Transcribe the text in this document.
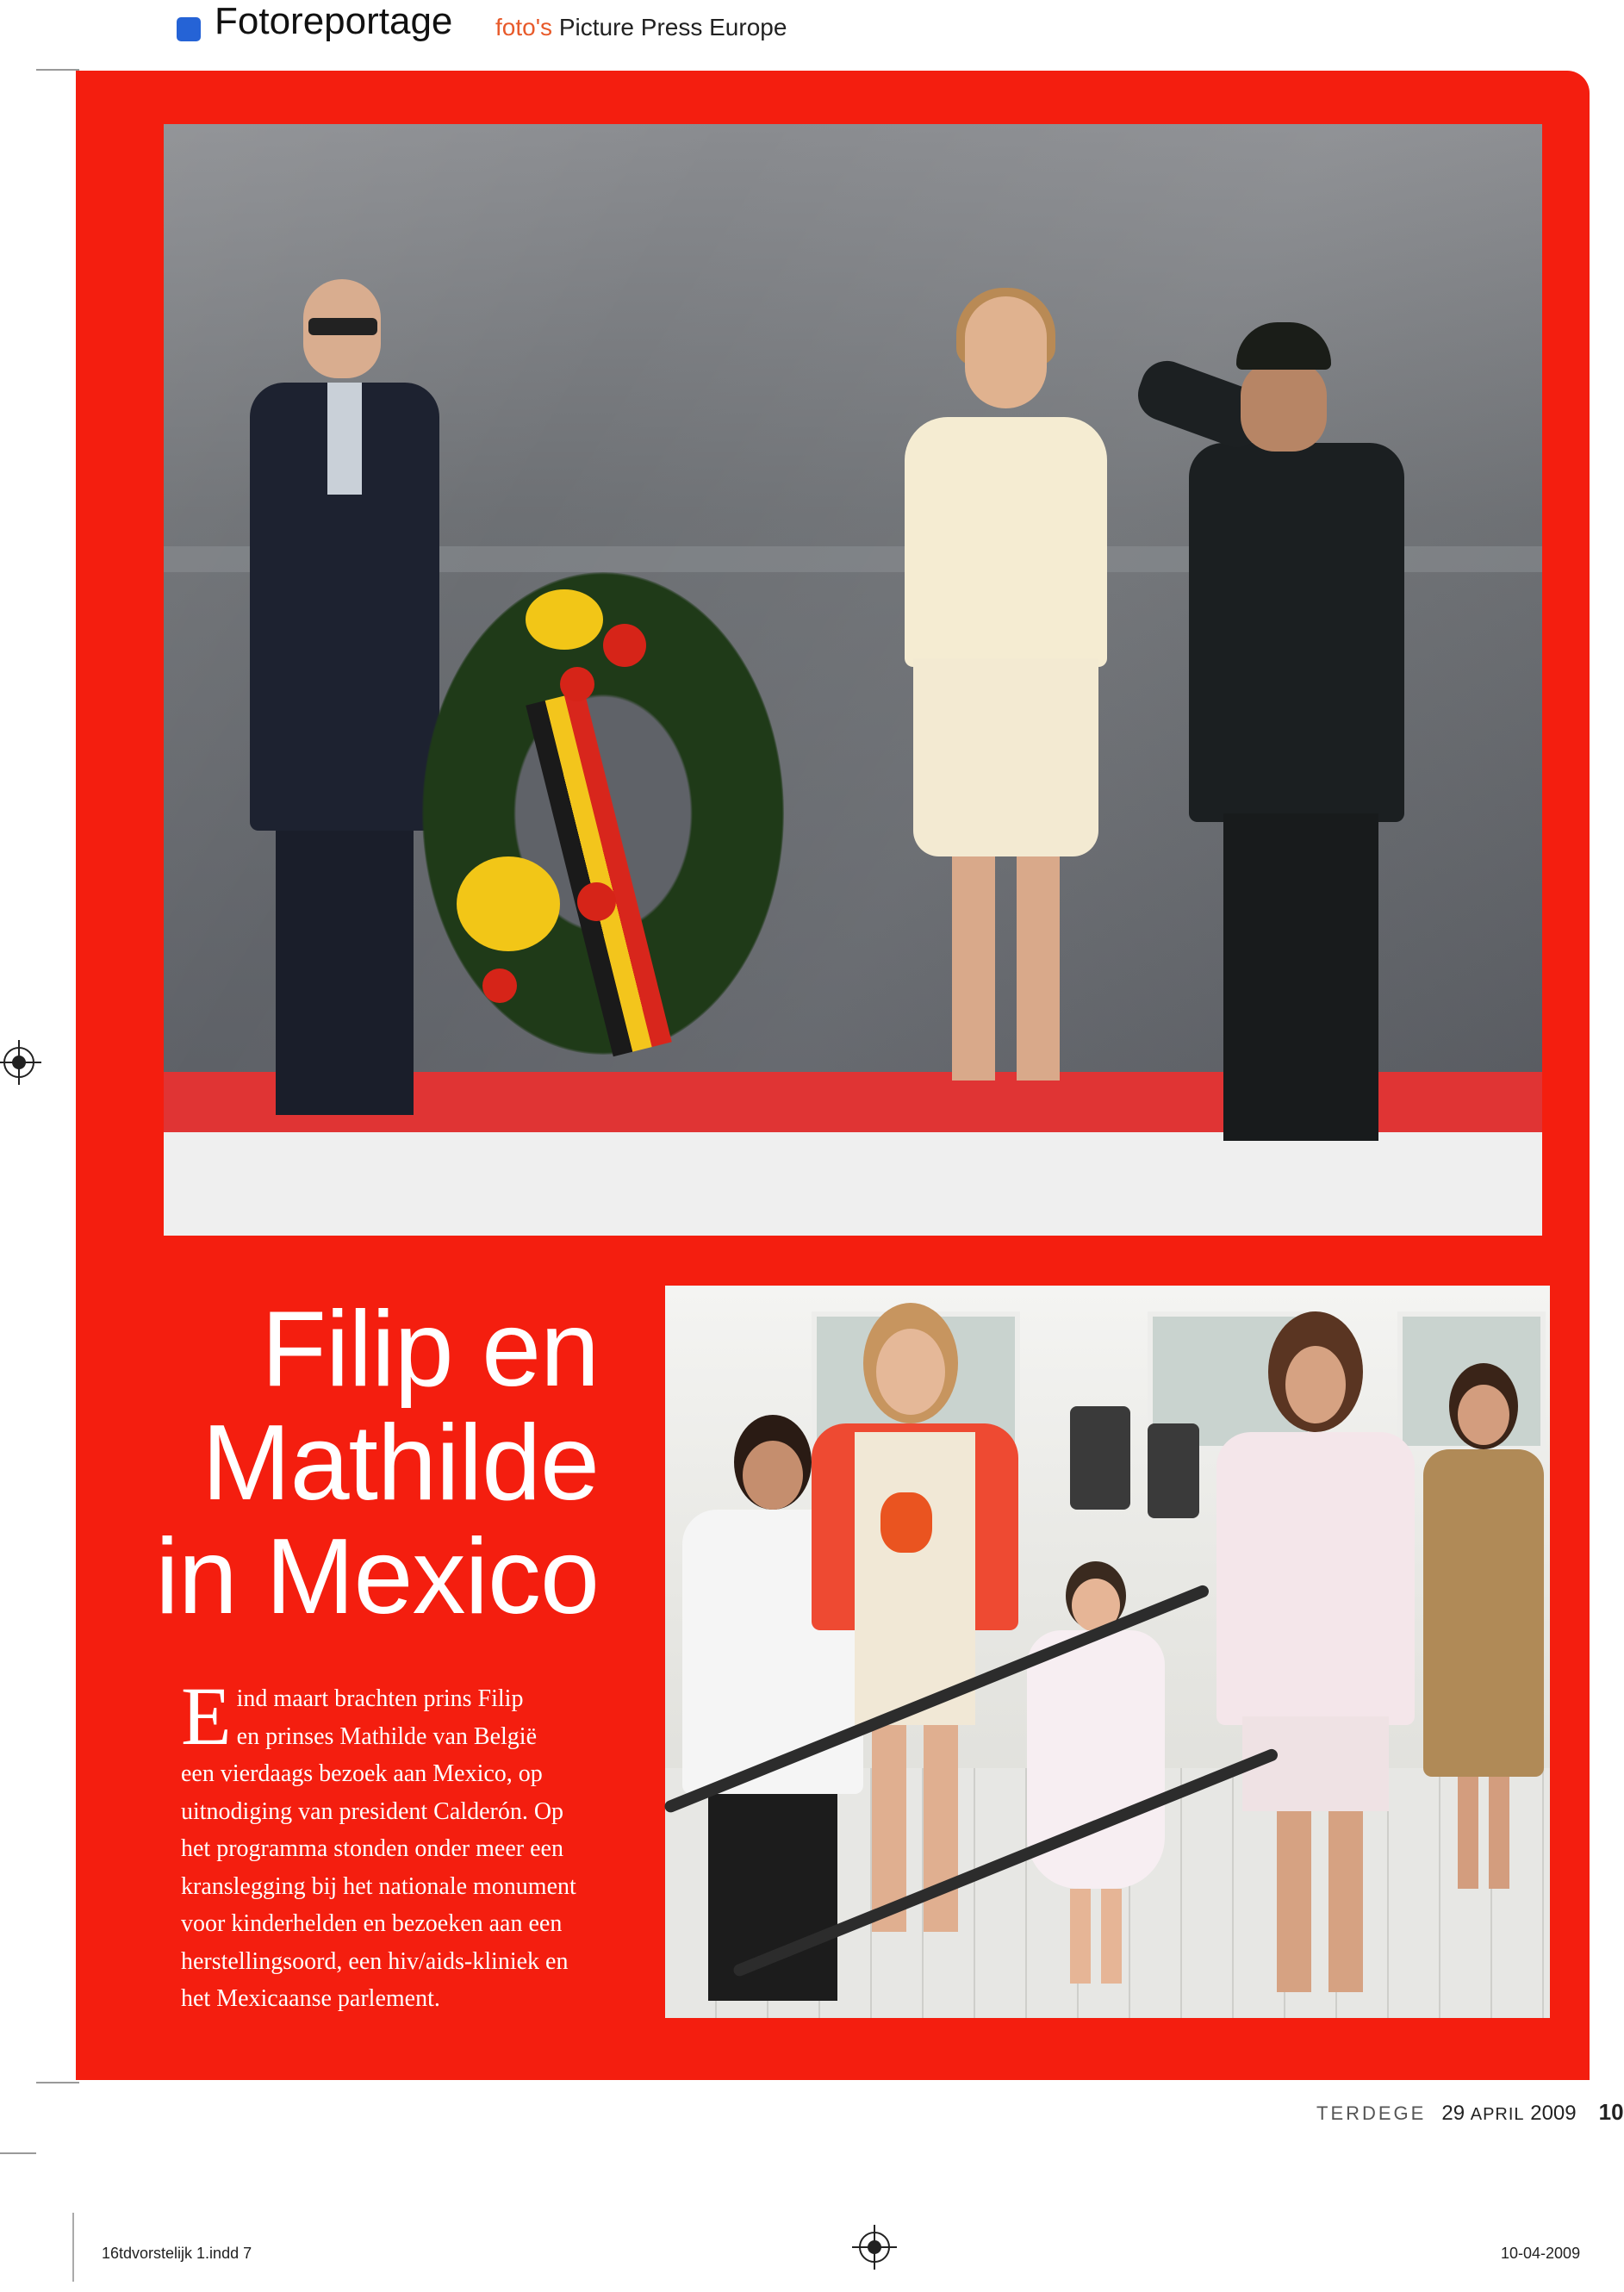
Fotoreportage foto's Picture Press Europe
Filip en
Mathilde
in Mexico
E ind maart brachten prins Filip
en prinses Mathilde van België
een vierdaags bezoek aan Mexico, op
uitnodiging van president Calderón. Op
het programma stonden onder meer een
kranslegging bij het nationale monument
voor kinderhelden en bezoeken aan een
herstellingsoord, een hiv/aids-kliniek en
het Mexicaanse parlement.
TERDEGE 29 APRIL 2009 10
16tdvorstelijk 1.indd 7	10-04-2009
